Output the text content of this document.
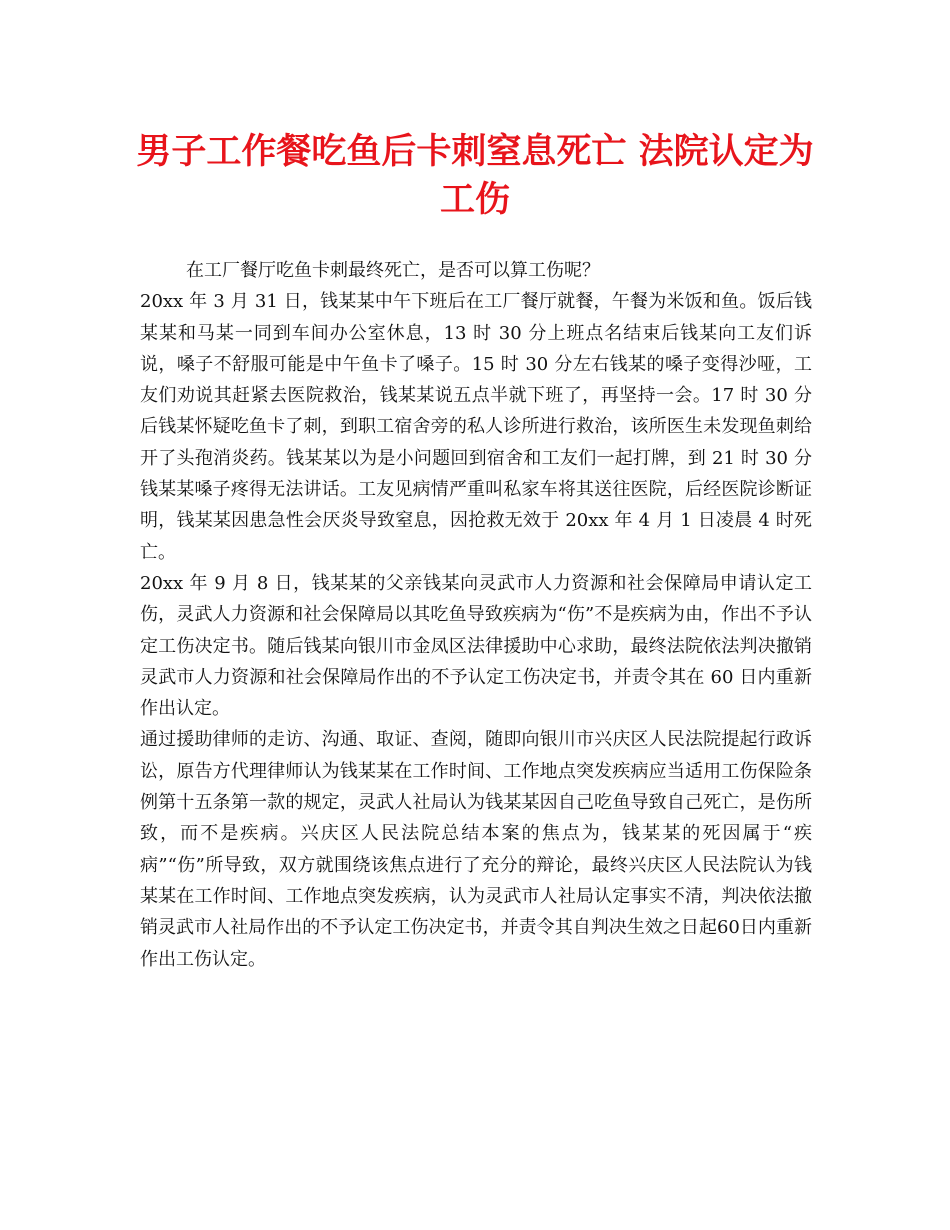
男子工作餐吃鱼后卡刺窒息死亡 法院认定为
工伤

在工厂餐厅吃鱼卡刺最终死亡，是否可以算工伤呢？

20xx 年 3 月 31 日，钱某某中午下班后在工厂餐厅就餐，午餐为米饭和鱼。饭后钱某某和马某一同到车间办公室休息，13 时 30 分上班点名结束后钱某向工友们诉说，嗓子不舒服可能是中午鱼卡了嗓子。15 时 30 分左右钱某的嗓子变得沙哑，工友们劝说其赶紧去医院救治，钱某某说五点半就下班了，再坚持一会。17 时 30 分后钱某怀疑吃鱼卡了刺，到职工宿舍旁的私人诊所进行救治，该所医生未发现鱼刺给开了头孢消炎药。钱某某以为是小问题回到宿舍和工友们一起打牌，到 21 时 30 分钱某某嗓子疼得无法讲话。工友见病情严重叫私家车将其送往医院，后经医院诊断证明，钱某某因患急性会厌炎导致窒息，因抢救无效于 20xx 年 4 月 1 日凌晨 4 时死亡。

20xx 年 9 月 8 日，钱某某的父亲钱某向灵武市人力资源和社会保障局申请认定工伤，灵武人力资源和社会保障局以其吃鱼导致疾病为“伤”不是疾病为由，作出不予认定工伤决定书。随后钱某向银川市金凤区法律援助中心求助，最终法院依法判决撤销灵武市人力资源和社会保障局作出的不予认定工伤决定书，并责令其在 60 日内重新作出认定。

通过援助律师的走访、沟通、取证、查阅，随即向银川市兴庆区人民法院提起行政诉讼，原告方代理律师认为钱某某在工作时间、工作地点突发疾病应当适用工伤保险条例第十五条第一款的规定，灵武人社局认为钱某某因自己吃鱼导致自己死亡，是伤所致，而不是疾病。兴庆区人民法院总结本案的焦点为，钱某某的死因属于“疾病”“伤”所导致，双方就围绕该焦点进行了充分的辩论，最终兴庆区人民法院认为钱某某在工作时间、工作地点突发疾病，认为灵武市人社局认定事实不清，判决依法撤销灵武市人社局作出的不予认定工伤决定书，并责令其自判决生效之日起60日内重新作出工伤认定。
